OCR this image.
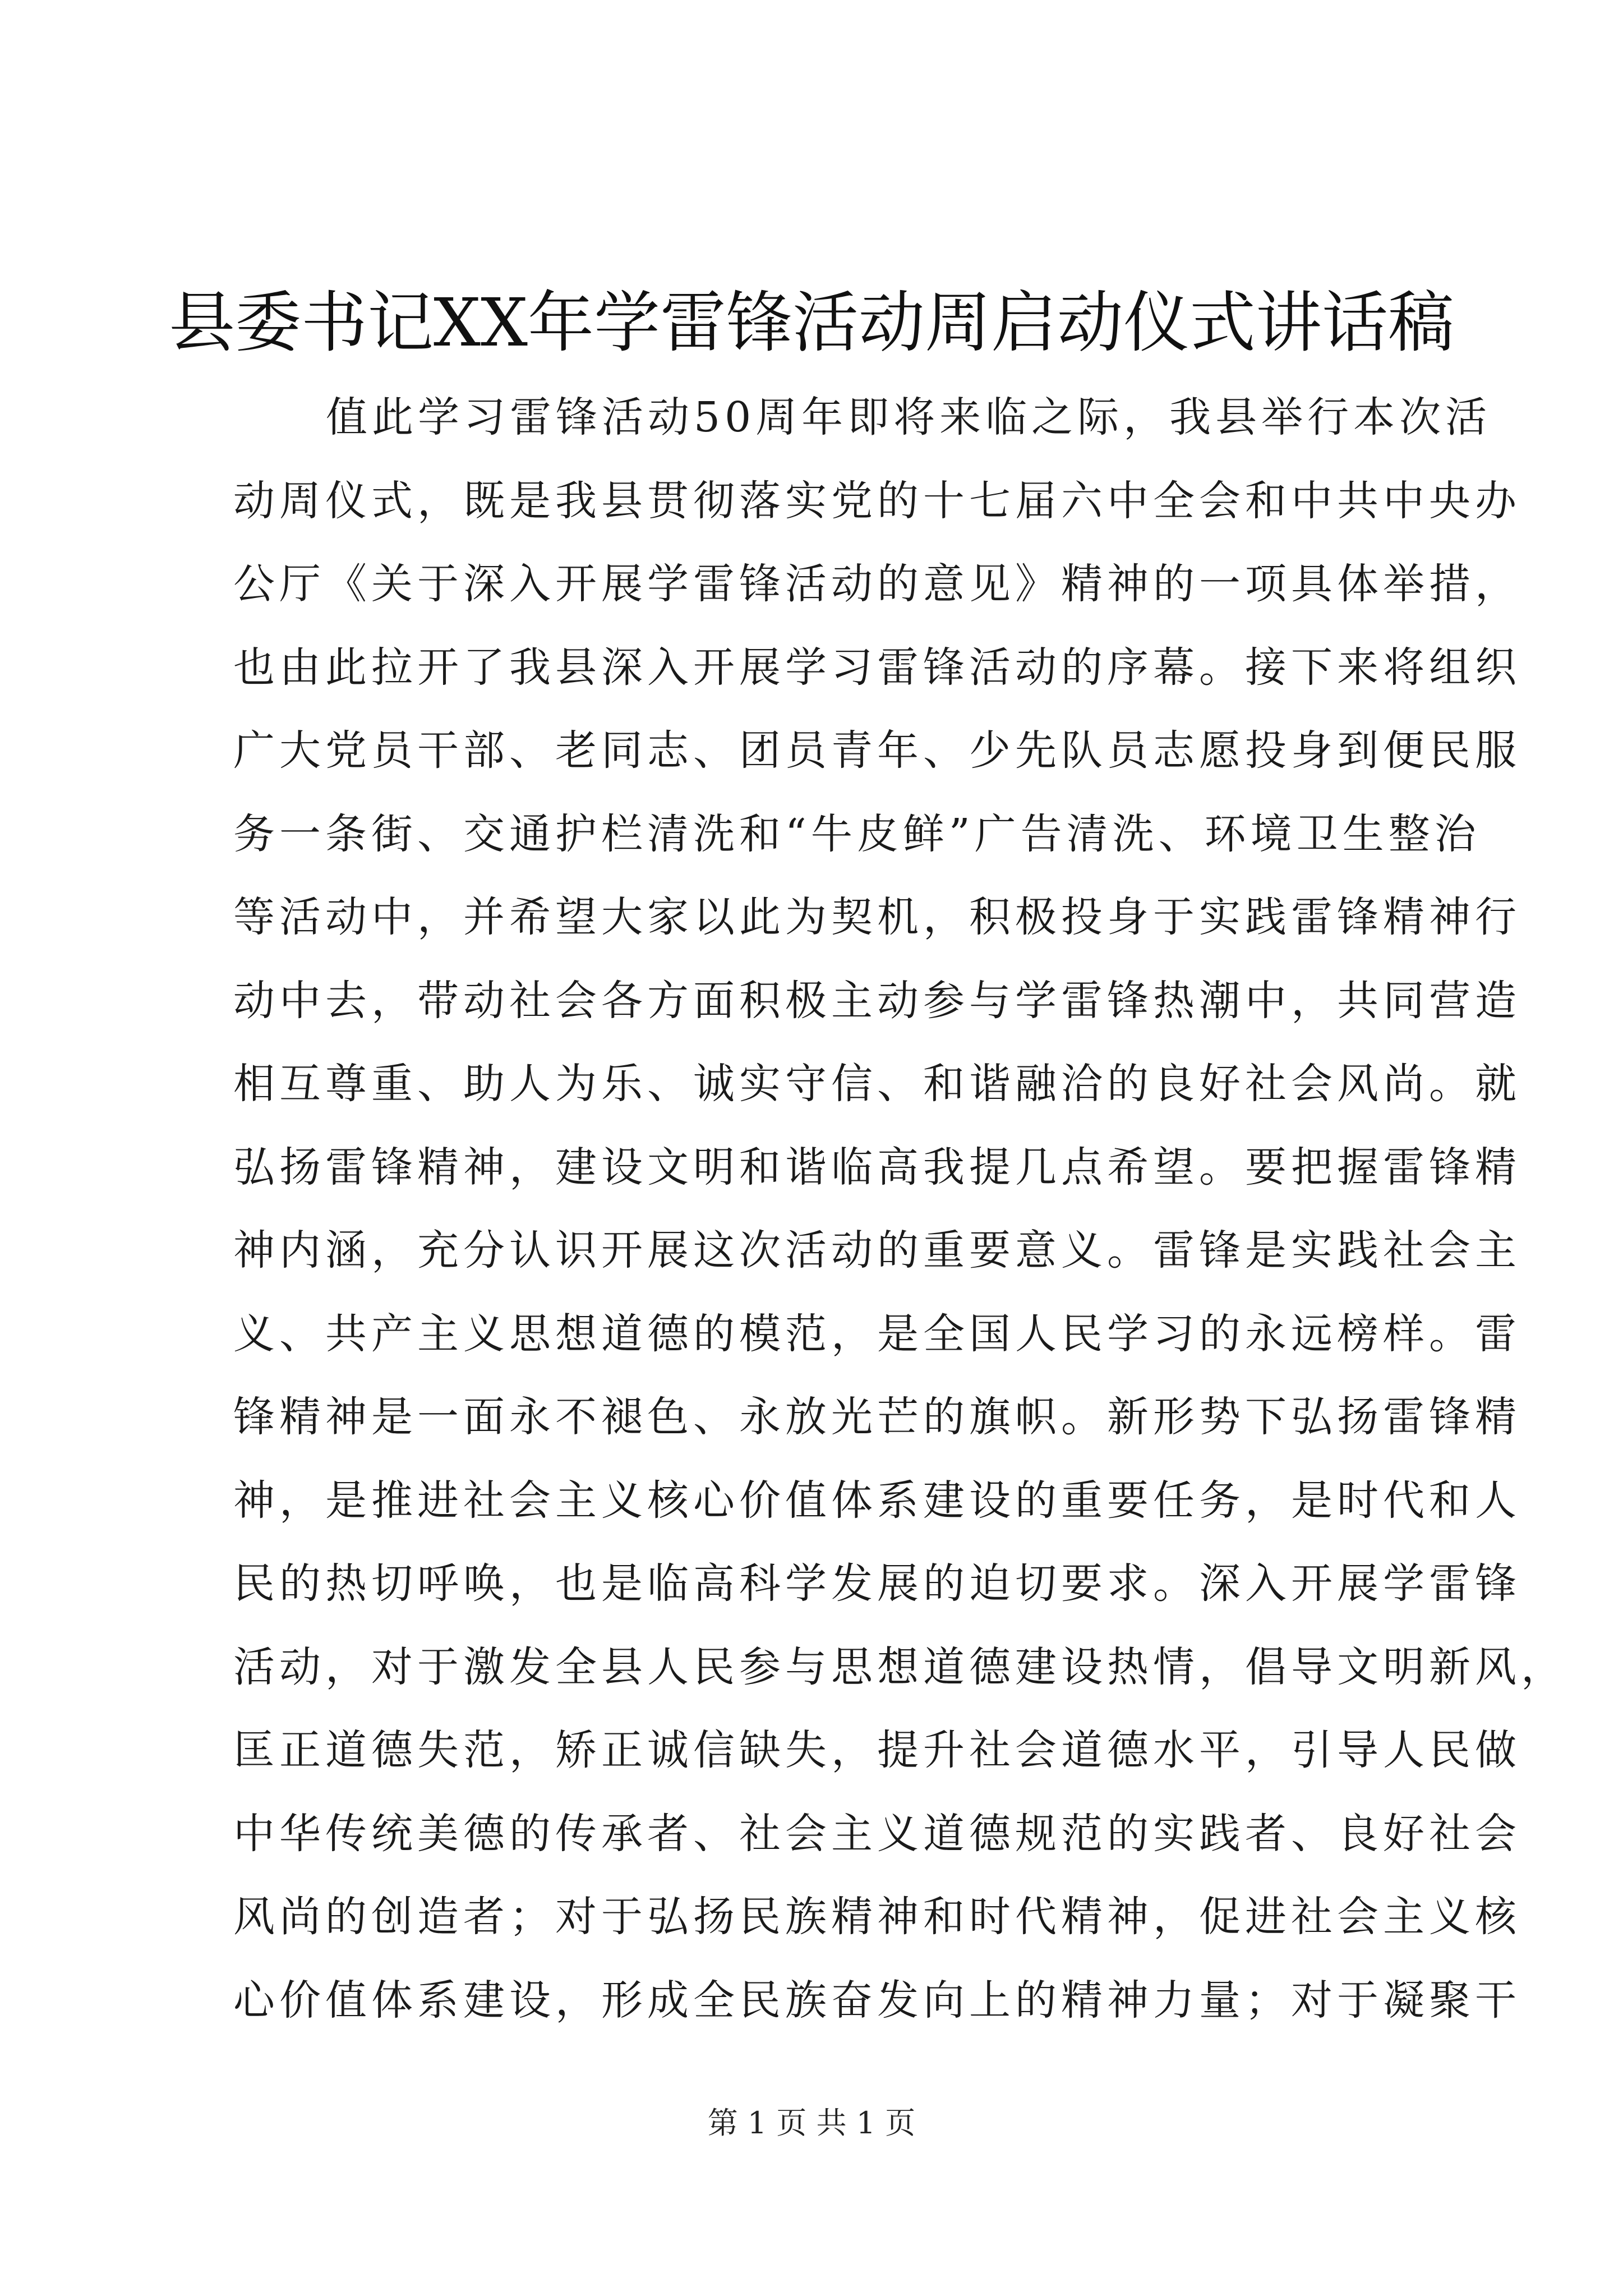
县委书记XX年学雷锋活动周启动仪式讲话稿
值此学习雷锋活动50周年即将来临之际，我县举行本次活
动周仪式，既是我县贯彻落实党的十七届六中全会和中共中央办
公厅《关于深入开展学雷锋活动的意见》精神的一项具体举措，
也由此拉开了我县深入开展学习雷锋活动的序幕。接下来将组织
广大党员干部、老同志、团员青年、少先队员志愿投身到便民服
务一条街、交通护栏清洗和“牛皮鲜”广告清洗、环境卫生整治
等活动中，并希望大家以此为契机，积极投身于实践雷锋精神行
动中去，带动社会各方面积极主动参与学雷锋热潮中，共同营造
相互尊重、助人为乐、诚实守信、和谐融洽的良好社会风尚。就
弘扬雷锋精神，建设文明和谐临高我提几点希望。要把握雷锋精
神内涵，充分认识开展这次活动的重要意义。雷锋是实践社会主
义、共产主义思想道德的模范，是全国人民学习的永远榜样。雷
锋精神是一面永不褪色、永放光芒的旗帜。新形势下弘扬雷锋精
神，是推进社会主义核心价值体系建设的重要任务，是时代和人
民的热切呼唤，也是临高科学发展的迫切要求。深入开展学雷锋
活动，对于激发全县人民参与思想道德建设热情，倡导文明新风，
匡正道德失范，矫正诚信缺失，提升社会道德水平，引导人民做
中华传统美德的传承者、社会主义道德规范的实践者、良好社会
风尚的创造者；对于弘扬民族精神和时代精神，促进社会主义核
心价值体系建设，形成全民族奋发向上的精神力量；对于凝聚干
第 1 页 共 1 页
